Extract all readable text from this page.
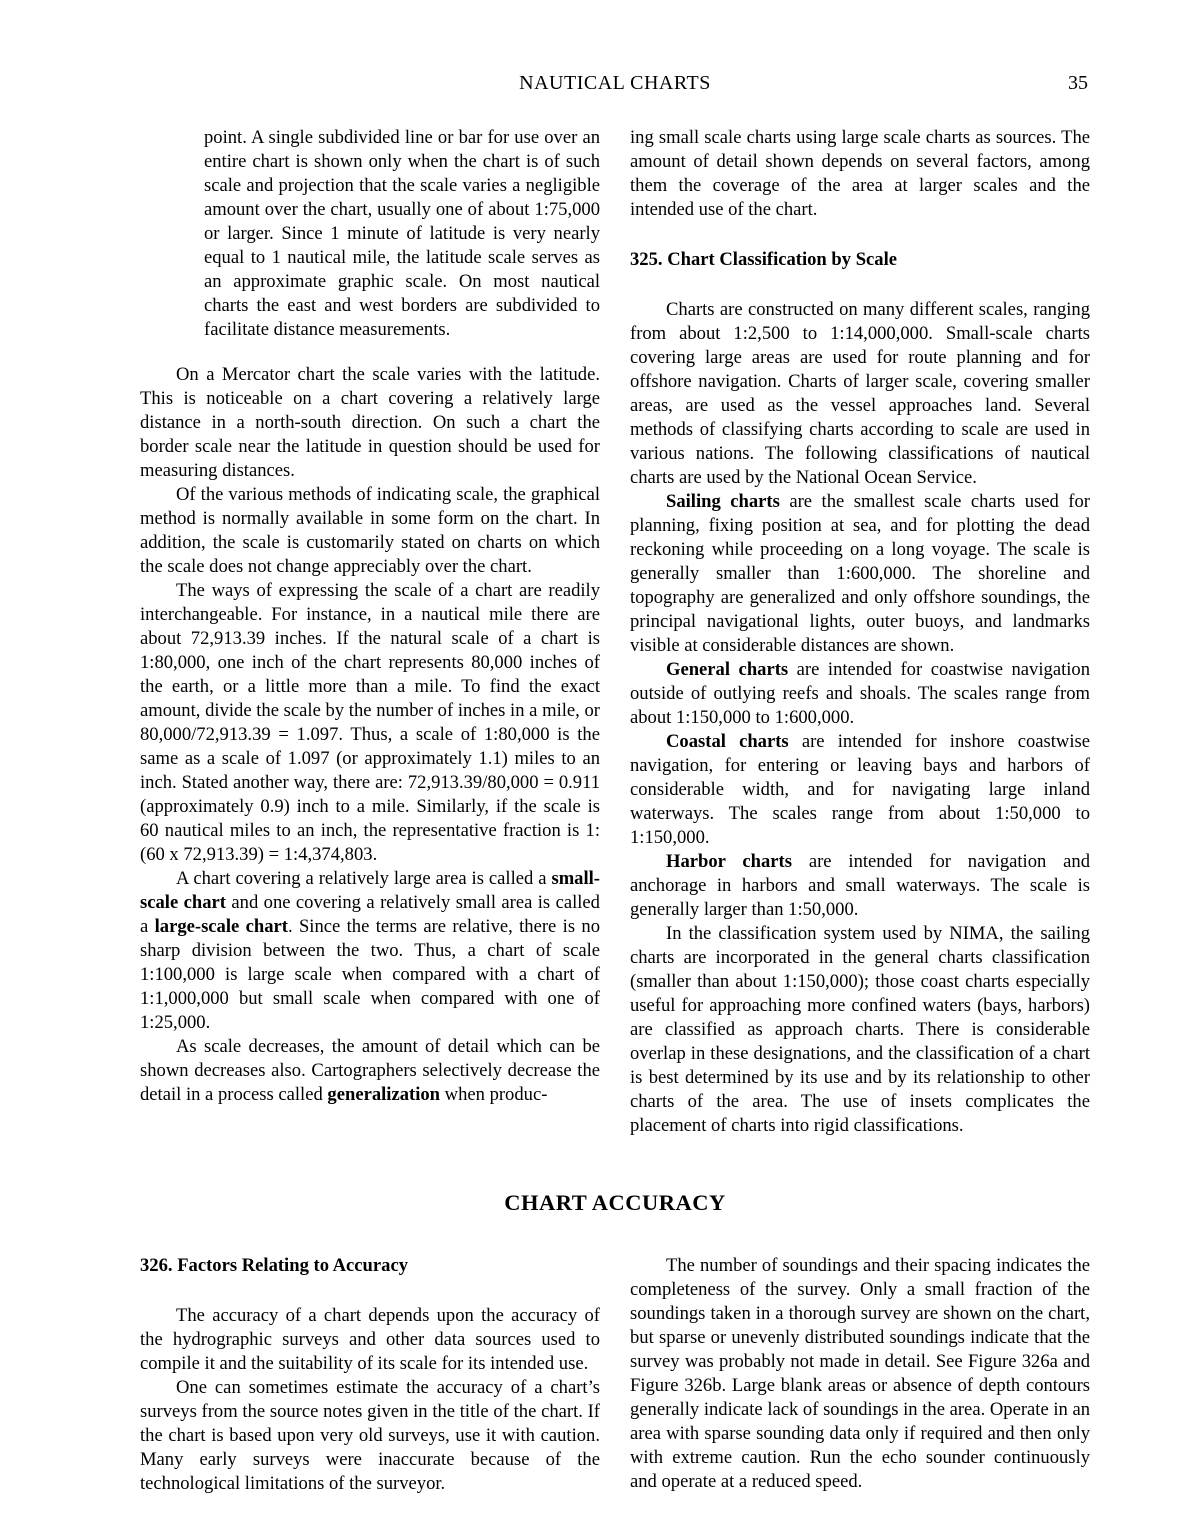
NAUTICAL CHARTS	35

point. A single subdivided line or bar for use over an entire chart is shown only when the chart is of such scale and projection that the scale varies a negligible amount over the chart, usually one of about 1:75,000 or larger. Since 1 minute of latitude is very nearly equal to 1 nautical mile, the latitude scale serves as an approximate graphic scale. On most nautical charts the east and west borders are subdivided to facilitate distance measurements.

On a Mercator chart the scale varies with the latitude. This is noticeable on a chart covering a relatively large distance in a north-south direction. On such a chart the border scale near the latitude in question should be used for measuring distances.

Of the various methods of indicating scale, the graphical method is normally available in some form on the chart. In addition, the scale is customarily stated on charts on which the scale does not change appreciably over the chart.

The ways of expressing the scale of a chart are readily interchangeable. For instance, in a nautical mile there are about 72,913.39 inches. If the natural scale of a chart is 1:80,000, one inch of the chart represents 80,000 inches of the earth, or a little more than a mile. To find the exact amount, divide the scale by the number of inches in a mile, or 80,000/72,913.39 = 1.097. Thus, a scale of 1:80,000 is the same as a scale of 1.097 (or approximately 1.1) miles to an inch. Stated another way, there are: 72,913.39/80,000 = 0.911 (approximately 0.9) inch to a mile. Similarly, if the scale is 60 nautical miles to an inch, the representative fraction is 1:(60 x 72,913.39) = 1:4,374,803.

A chart covering a relatively large area is called a small-scale chart and one covering a relatively small area is called a large-scale chart. Since the terms are relative, there is no sharp division between the two. Thus, a chart of scale 1:100,000 is large scale when compared with a chart of 1:1,000,000 but small scale when compared with one of 1:25,000.

As scale decreases, the amount of detail which can be shown decreases also. Cartographers selectively decrease the detail in a process called generalization when produc-

ing small scale charts using large scale charts as sources. The amount of detail shown depends on several factors, among them the coverage of the area at larger scales and the intended use of the chart.

325. Chart Classification by Scale

Charts are constructed on many different scales, ranging from about 1:2,500 to 1:14,000,000. Small-scale charts covering large areas are used for route planning and for offshore navigation. Charts of larger scale, covering smaller areas, are used as the vessel approaches land. Several methods of classifying charts according to scale are used in various nations. The following classifications of nautical charts are used by the National Ocean Service.

Sailing charts are the smallest scale charts used for planning, fixing position at sea, and for plotting the dead reckoning while proceeding on a long voyage. The scale is generally smaller than 1:600,000. The shoreline and topography are generalized and only offshore soundings, the principal navigational lights, outer buoys, and landmarks visible at considerable distances are shown.

General charts are intended for coastwise navigation outside of outlying reefs and shoals. The scales range from about 1:150,000 to 1:600,000.

Coastal charts are intended for inshore coastwise navigation, for entering or leaving bays and harbors of considerable width, and for navigating large inland waterways. The scales range from about 1:50,000 to 1:150,000.

Harbor charts are intended for navigation and anchorage in harbors and small waterways. The scale is generally larger than 1:50,000.

In the classification system used by NIMA, the sailing charts are incorporated in the general charts classification (smaller than about 1:150,000); those coast charts especially useful for approaching more confined waters (bays, harbors) are classified as approach charts. There is considerable overlap in these designations, and the classification of a chart is best determined by its use and by its relationship to other charts of the area. The use of insets complicates the placement of charts into rigid classifications.

CHART ACCURACY
326. Factors Relating to Accuracy

The accuracy of a chart depends upon the accuracy of the hydrographic surveys and other data sources used to compile it and the suitability of its scale for its intended use.

One can sometimes estimate the accuracy of a chart’s surveys from the source notes given in the title of the chart. If the chart is based upon very old surveys, use it with caution. Many early surveys were inaccurate because of the technological limitations of the surveyor.

The number of soundings and their spacing indicates the completeness of the survey. Only a small fraction of the soundings taken in a thorough survey are shown on the chart, but sparse or unevenly distributed soundings indicate that the survey was probably not made in detail. See Figure 326a and Figure 326b. Large blank areas or absence of depth contours generally indicate lack of soundings in the area. Operate in an area with sparse sounding data only if required and then only with extreme caution. Run the echo sounder continuously and operate at a reduced speed.
